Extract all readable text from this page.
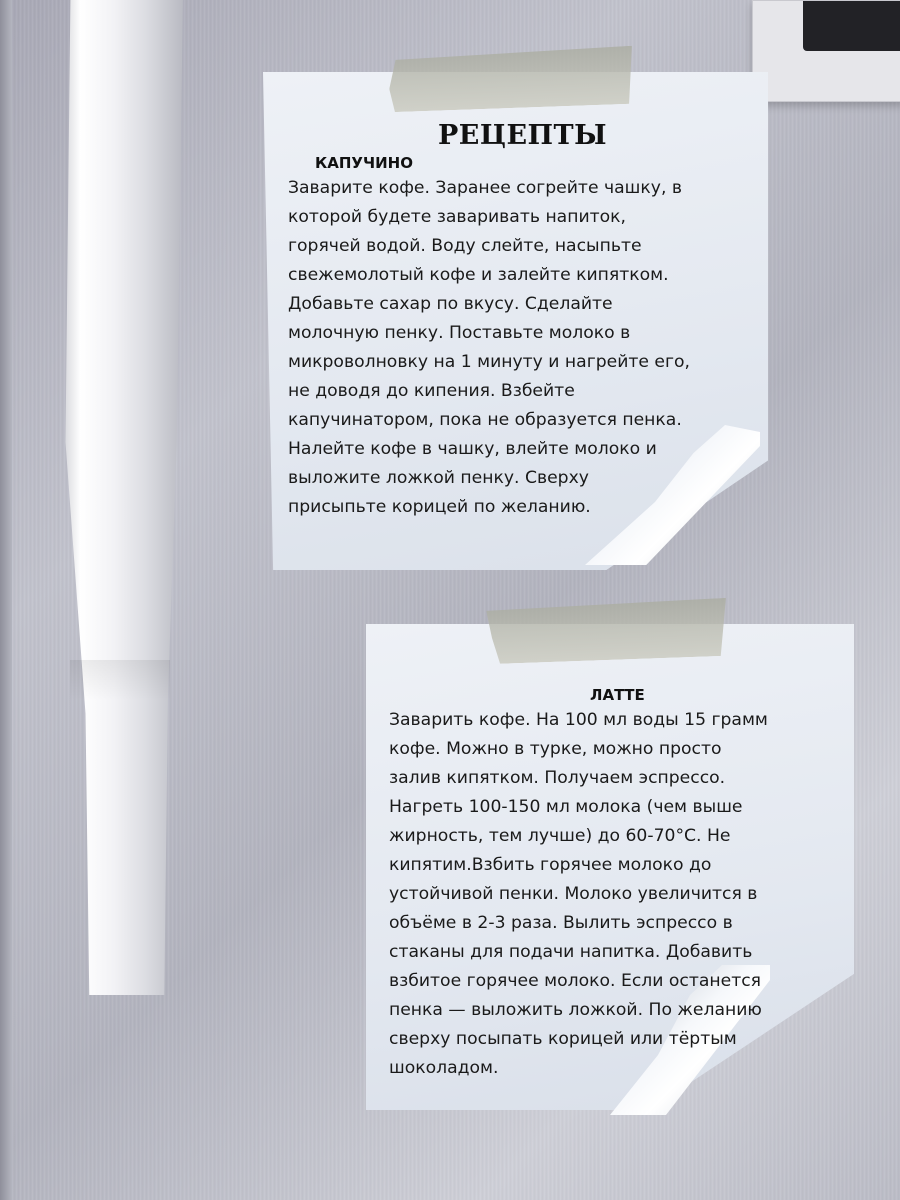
РЕЦЕПТЫ
КАПУЧИНО
Заварите кофе. Заранее согрейте чашку, в
которой будете заваривать напиток,
горячей водой. Воду слейте, насыпьте
свежемолотый кофе и залейте кипятком.
Добавьте сахар по вкусу. Сделайте
молочную пенку. Поставьте молоко в
микроволновку на 1 минуту и нагрейте его,
не доводя до кипения. Взбейте
капучинатором, пока не образуется пенка.
Налейте кофе в чашку, влейте молоко и
выложите ложкой пенку. Сверху
присыпьте корицей по желанию.
ЛАТТЕ
Заварить кофе. На 100 мл воды 15 грамм
кофе. Можно в турке, можно просто
залив кипятком. Получаем эспрессо.
Нагреть 100-150 мл молока (чем выше
жирность, тем лучше) до 60-70°C. Не
кипятим.Взбить горячее молоко до
устойчивой пенки. Молоко увеличится в
объёме в 2-3 раза. Вылить эспрессо в
стаканы для подачи напитка. Добавить
взбитое горячее молоко. Если останется
пенка — выложить ложкой. По желанию
сверху посыпать корицей или тёртым
шоколадом.
